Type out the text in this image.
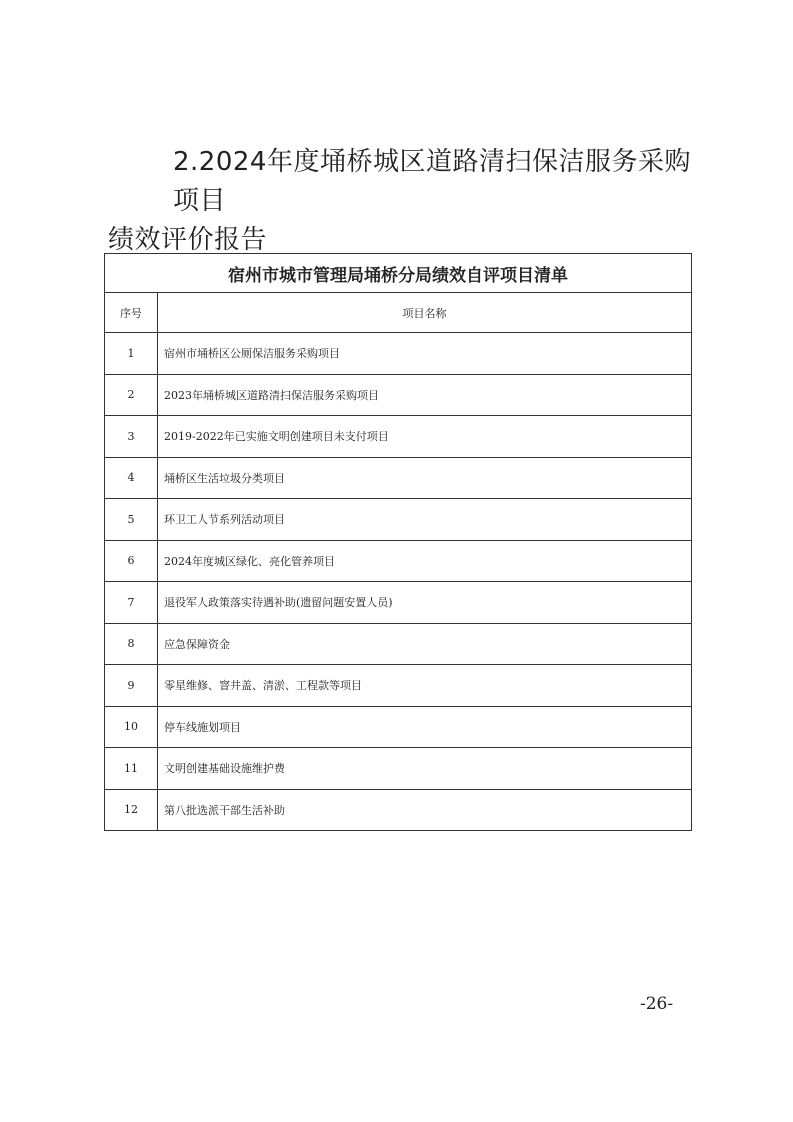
2.2024年度埇桥城区道路清扫保洁服务采购项目
绩效评价报告
宿州市城市管理局埇桥分局绩效自评项目清单	
序号	项目名称
1	宿州市埇桥区公厕保洁服务采购项目
2	2023年埇桥城区道路清扫保洁服务采购项目
3	2019-2022年已实施文明创建项目未支付项目
4	埇桥区生活垃圾分类项目
5	环卫工人节系列活动项目
6	2024年度城区绿化、亮化管养项目
7	退役军人政策落实待遇补助(遗留问题安置人员)
8	应急保障资金
9	零星维修、窨井盖、清淤、工程款等项目
10	停车线施划项目
11	文明创建基础设施维护费
12	第八批选派干部生活补助
-26-
